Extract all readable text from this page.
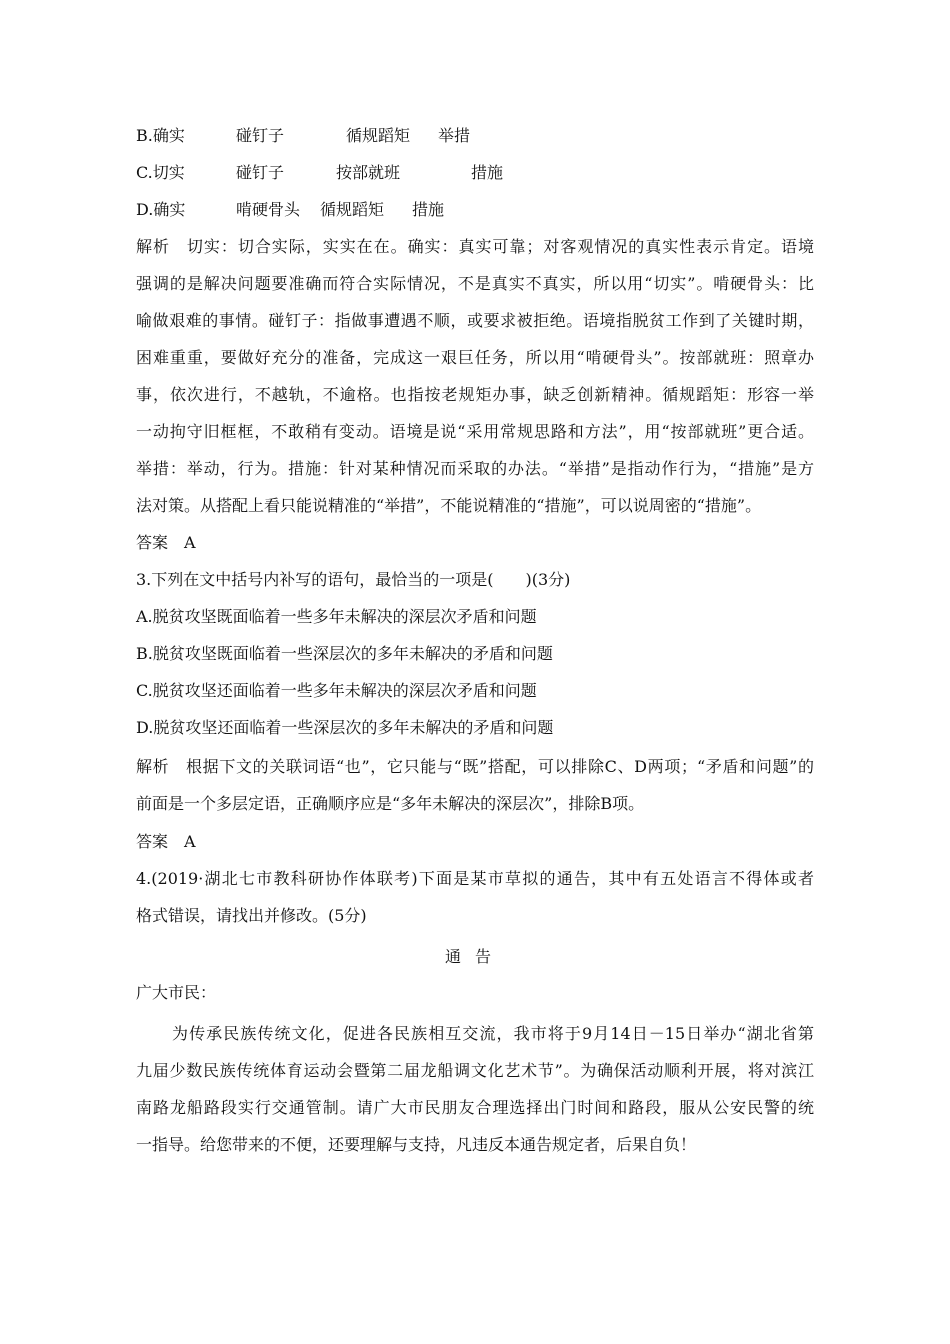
B.确实	碰钉子	循规蹈矩 举措
C.切实	碰钉子	按部就班	措施
D.确实	啃硬骨头 循规蹈矩 措施
解析　切实：切合实际，实实在在。确实：真实可靠；对客观情况的真实性表示肯定。语境
强调的是解决问题要准确而符合实际情况，不是真实不真实，所以用“切实”。啃硬骨头：比
喻做艰难的事情。碰钉子：指做事遭遇不顺，或要求被拒绝。语境指脱贫工作到了关键时期，
困难重重，要做好充分的准备，完成这一艰巨任务，所以用“啃硬骨头”。按部就班：照章办
事，依次进行，不越轨，不逾格。也指按老规矩办事，缺乏创新精神。循规蹈矩：形容一举
一动拘守旧框框，不敢稍有变动。语境是说“采用常规思路和方法”，用“按部就班”更合适。
举措：举动，行为。措施：针对某种情况而采取的办法。“举措”是指动作行为，“措施”是方
法对策。从搭配上看只能说精准的“举措”，不能说精准的“措施”，可以说周密的“措施”。
答案　A
3.下列在文中括号内补写的语句，最恰当的一项是(　　)(3分)
A.脱贫攻坚既面临着一些多年未解决的深层次矛盾和问题
B.脱贫攻坚既面临着一些深层次的多年未解决的矛盾和问题
C.脱贫攻坚还面临着一些多年未解决的深层次矛盾和问题
D.脱贫攻坚还面临着一些深层次的多年未解决的矛盾和问题
解析　根据下文的关联词语“也”，它只能与“既”搭配，可以排除C、D两项；“矛盾和问题”的
前面是一个多层定语，正确顺序应是“多年未解决的深层次”，排除B项。
答案　A
4.(2019·湖北七市教科研协作体联考)下面是某市草拟的通告，其中有五处语言不得体或者
格式错误，请找出并修改。(5分)
通告
广大市民：
为传承民族传统文化，促进各民族相互交流，我市将于9月14日－15日举办“湖北省第
九届少数民族传统体育运动会暨第二届龙船调文化艺术节”。为确保活动顺利开展，将对滨江
南路龙船路段实行交通管制。请广大市民朋友合理选择出门时间和路段，服从公安民警的统
一指导。给您带来的不便，还要理解与支持，凡违反本通告规定者，后果自负！
